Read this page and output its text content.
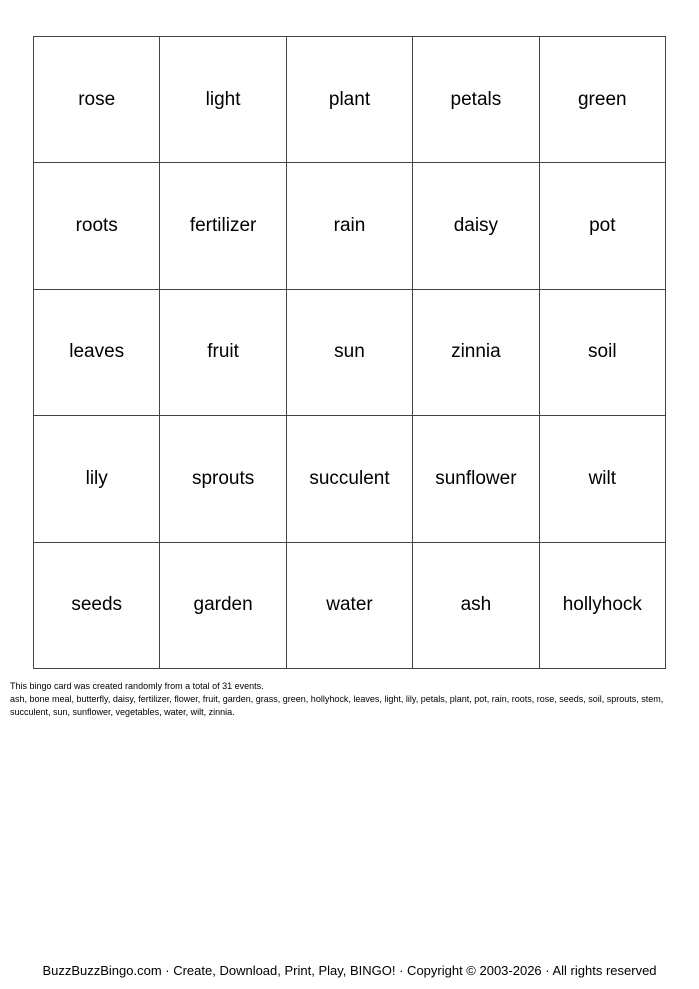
rose	light	plant	petals	green
roots	fertilizer	rain	daisy	pot
leaves	fruit	sun	zinnia	soil
lily	sprouts	succulent	sunflower	wilt
seeds	garden	water	ash	hollyhock

This bingo card was created randomly from a total of 31 events.

ash, bone meal, butterfly, daisy, fertilizer, flower, fruit, garden, grass, green, hollyhock, leaves, light, lily, petals, plant, pot, rain, roots, rose, seeds, soil, sprouts, stem, succulent, sun, sunflower, vegetables, water, wilt, zinnia.

BuzzBuzzBingo.com · Create, Download, Print, Play, BINGO! · Copyright © 2003-2026 · All rights reserved
